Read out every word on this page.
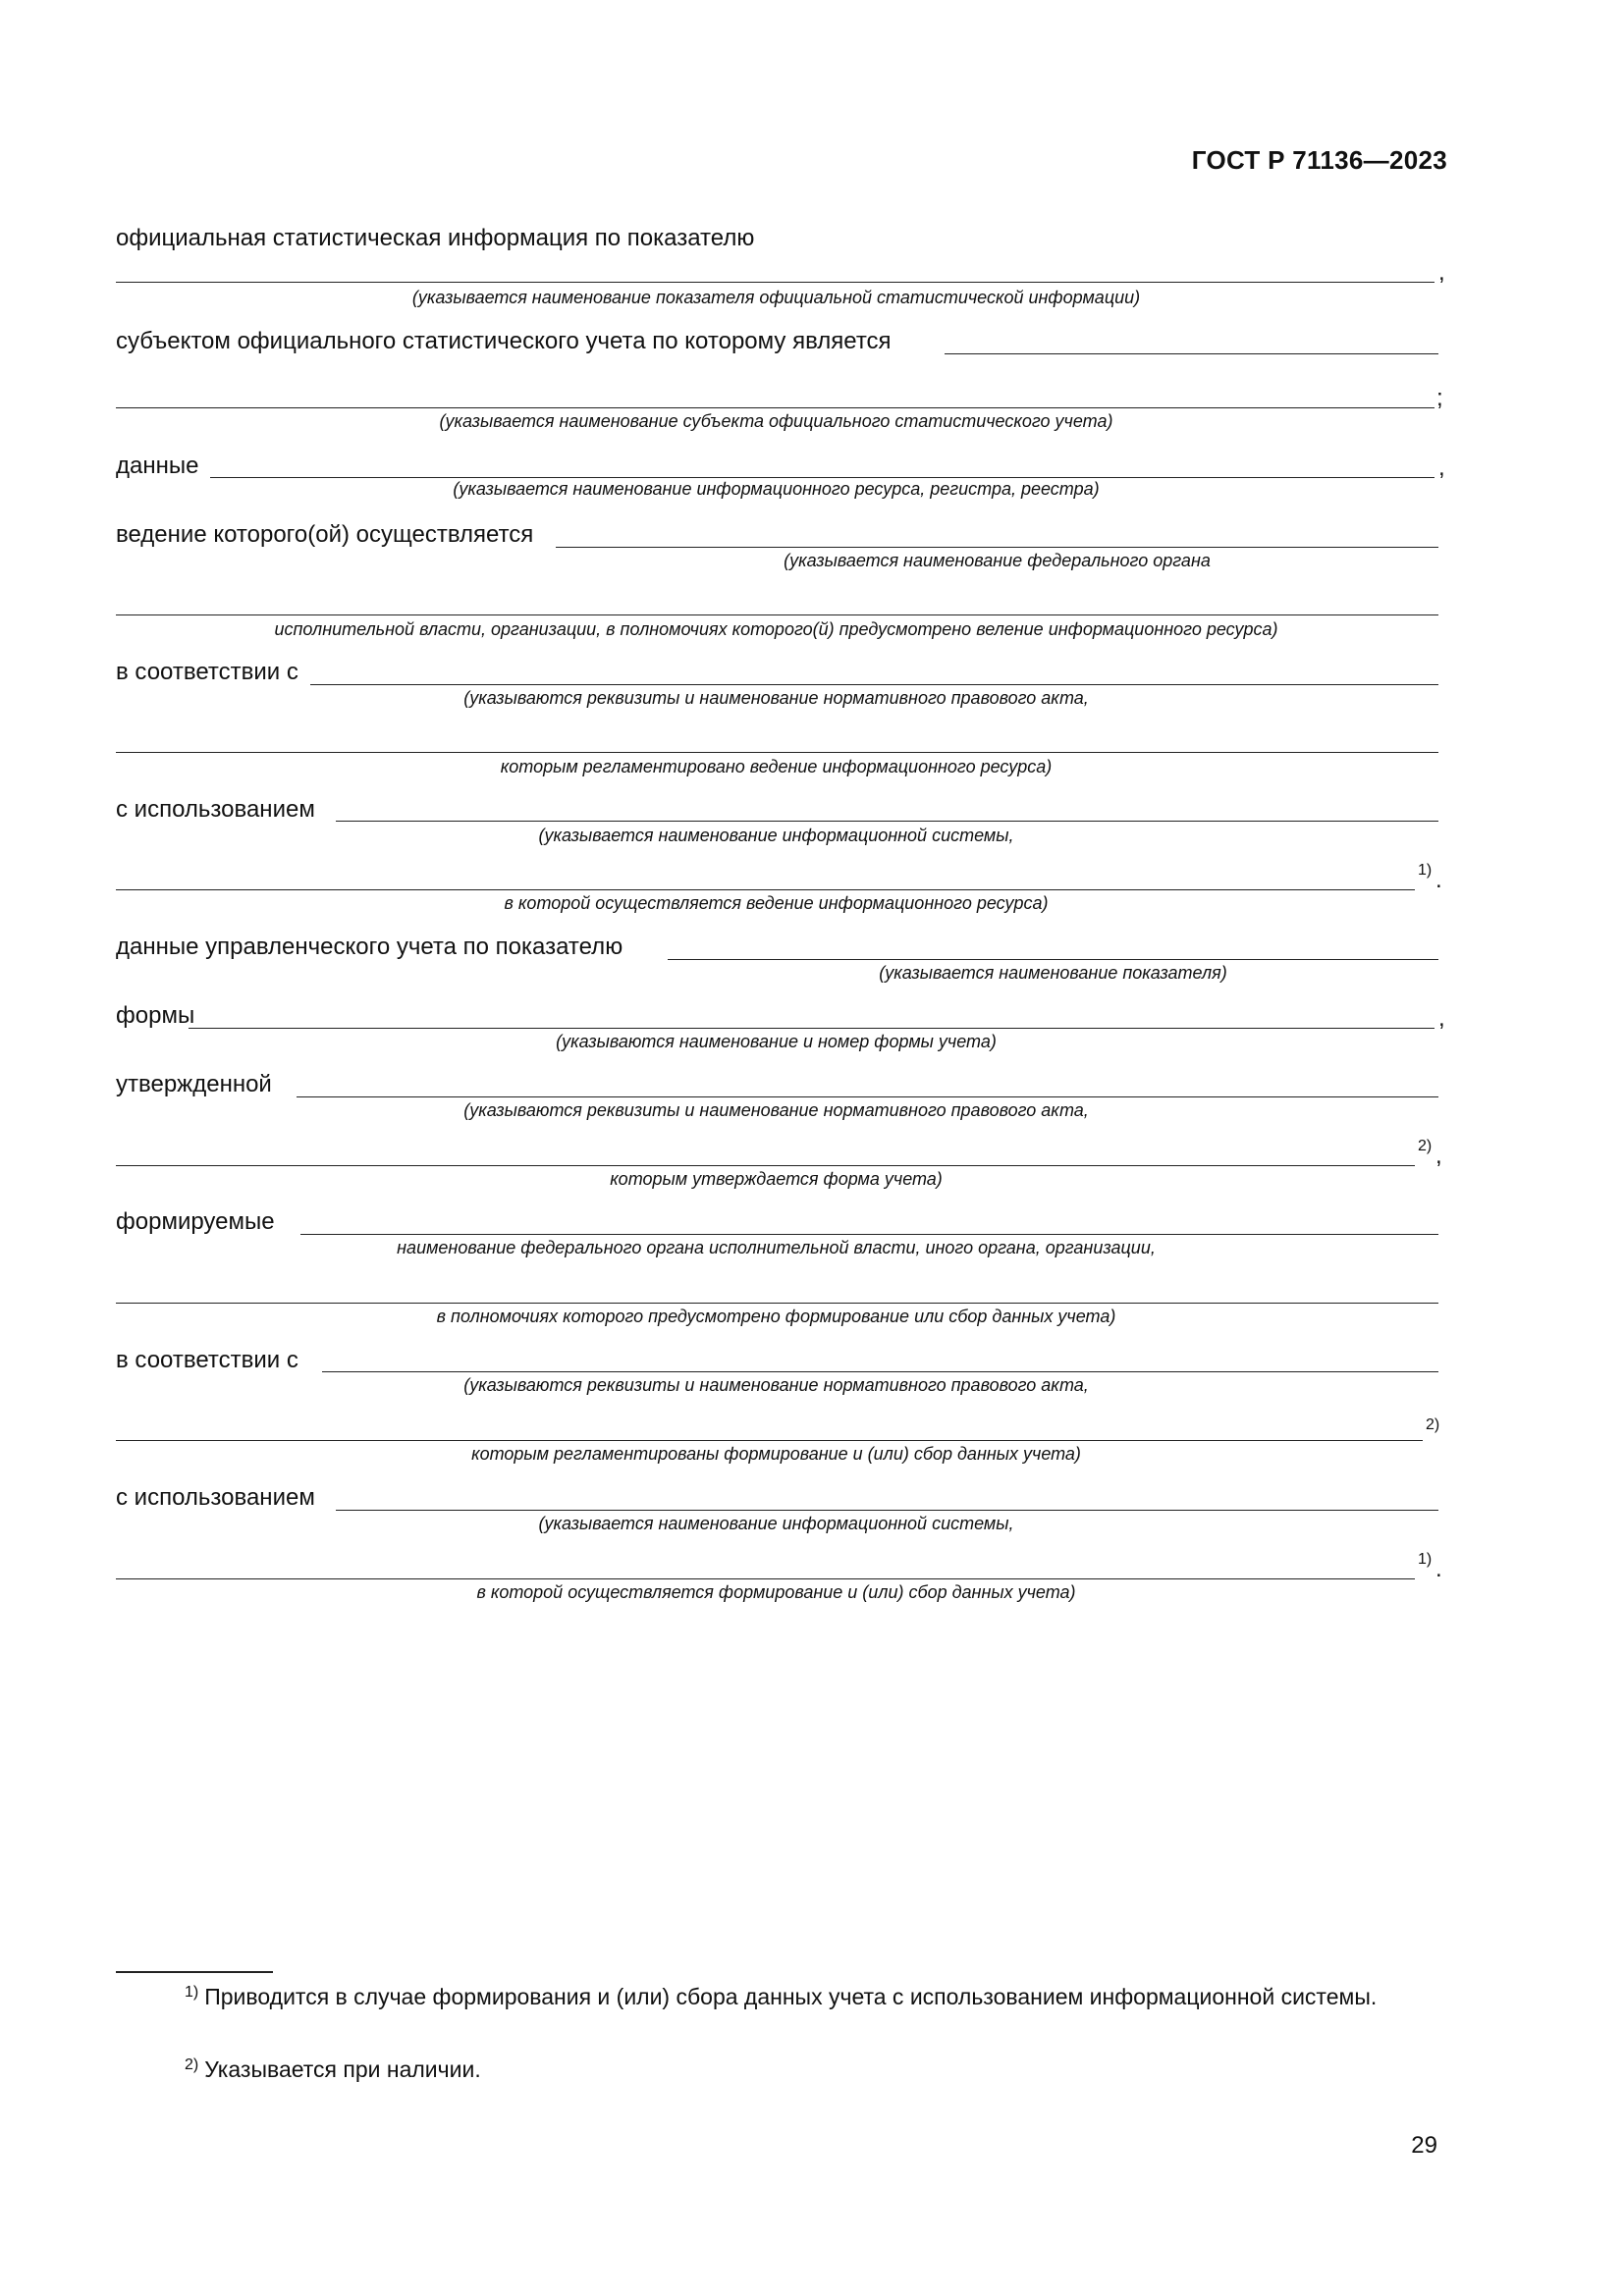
ГОСТ Р 71136—2023
официальная статистическая информация по показателю
,
(указывается наименование показателя официальной статистической информации)
субъектом официального статистического учета по которому является
;
(указывается наименование субъекта официального статистического учета)
данные	,
(указывается наименование информационного ресурса, регистра, реестра)
ведение которого(ой) осуществляется
(указывается наименование федерального органа
исполнительной власти, организации, в полномочиях которого(й) предусмотрено веление информационного ресурса)
в соответствии с
(указываются реквизиты и наименование нормативного правового акта,
которым регламентировано ведение информационного ресурса)
с использованием
(указывается наименование информационной системы,
1) .
в которой осуществляется ведение информационного ресурса)
данные управленческого учета по показателю
(указывается наименование показателя)
формы	,
(указываются наименование и номер формы учета)
утвержденной
(указываются реквизиты и наименование нормативного правового акта,
2) ,
которым утверждается форма учета)
формируемые
наименование федерального органа исполнительной власти, иного органа, организации,
в полномочиях которого предусмотрено формирование или сбор данных учета)
в соответствии с
(указываются реквизиты и наименование нормативного правового акта,
2)
которым регламентированы формирование и (или) сбор данных учета)
с использованием
(указывается наименование информационной системы,
1) .
в которой осуществляется формирование и (или) сбор данных учета)
$^{1)}$ Приводится в случае формирования и (или) сбора данных учета с использованием информационной системы.
$^{2)}$ Указывается при наличии.
29
